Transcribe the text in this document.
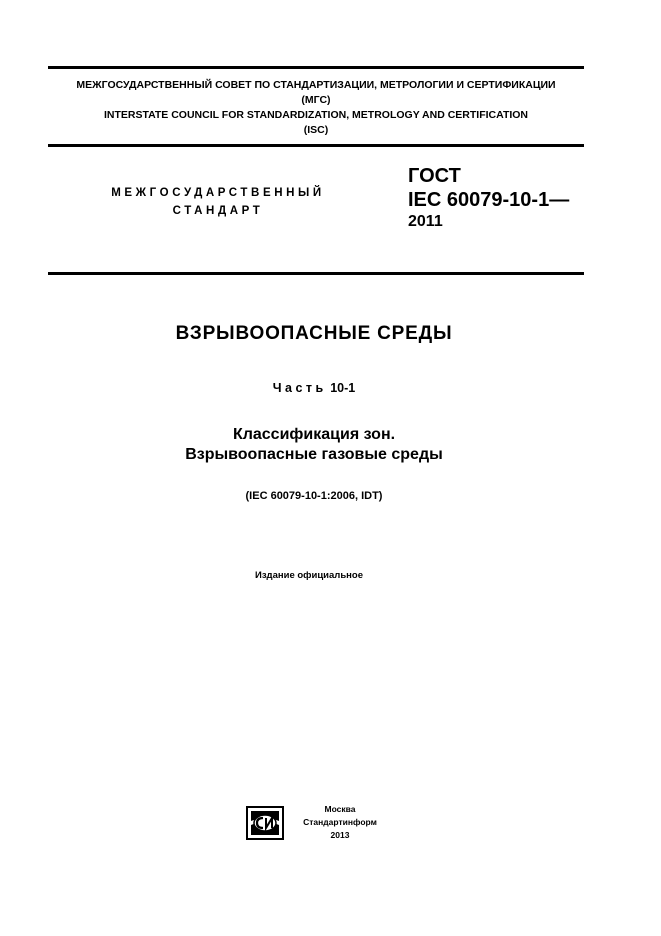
МЕЖГОСУДАРСТВЕННЫЙ СОВЕТ ПО СТАНДАРТИЗАЦИИ, МЕТРОЛОГИИ И СЕРТИФИКАЦИИ
(МГС)
INTERSTATE COUNCIL FOR STANDARDIZATION, METROLOGY AND CERTIFICATION
(ISC)
МЕЖГОСУДАРСТВЕННЫЙ
СТАНДАРТ
ГОСТ
IEC 60079-10-1—
2011
ВЗРЫВООПАСНЫЕ СРЕДЫ
Часть 10-1
Классификация зон.
Взрывоопасные газовые среды
(IEC 60079-10-1:2006, IDT)
Издание официальное
Москва
Стандартинформ
2013
